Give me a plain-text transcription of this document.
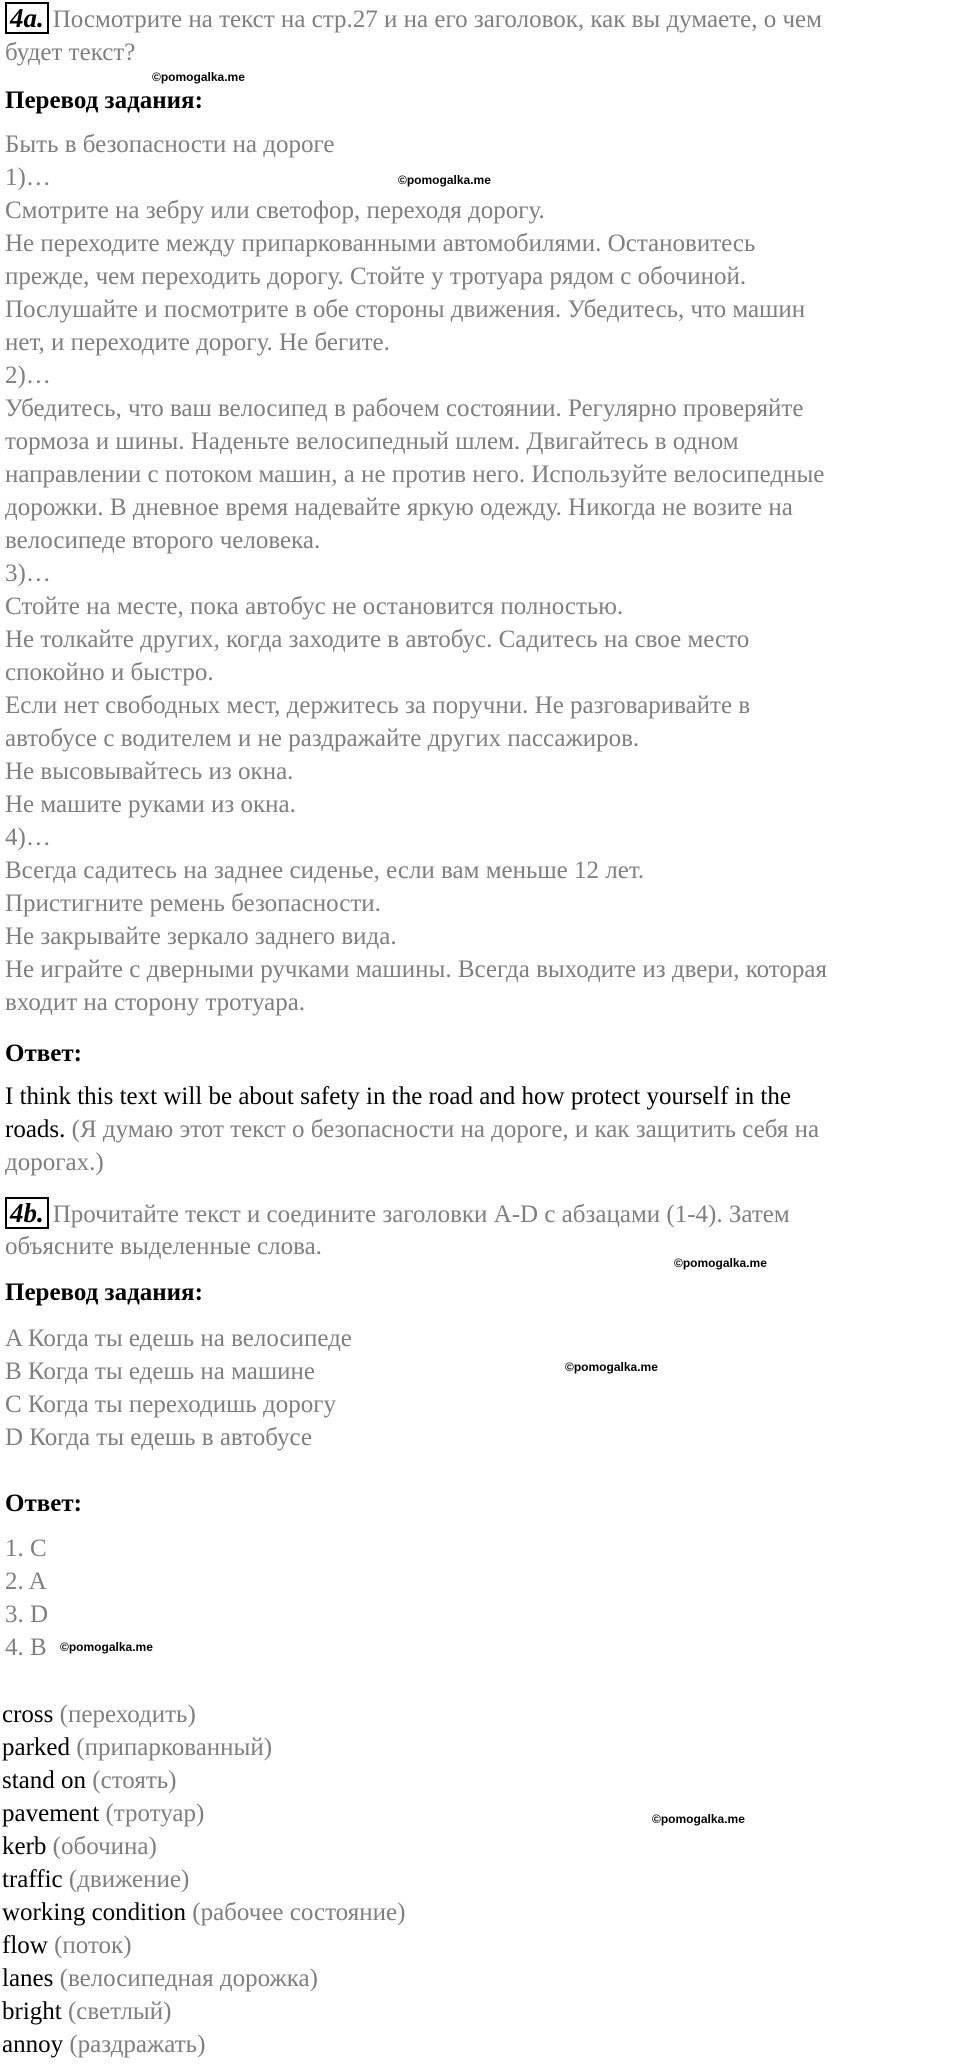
4a. Посмотрите на текст на стр.27 и на его заголовок, как вы думаете, о чем
будет текст?
©pomogalka.me
Перевод задания:
Быть в безопасности на дороге
1)…	©pomogalka.me
Смотрите на зебру или светофор, переходя дорогу.
Не переходите между припаркованными автомобилями. Остановитесь
прежде, чем переходить дорогу. Стойте у тротуара рядом с обочиной.
Послушайте и посмотрите в обе стороны движения. Убедитесь, что машин
нет, и переходите дорогу. Не бегите.
2)…
Убедитесь, что ваш велосипед в рабочем состоянии. Регулярно проверяйте
тормоза и шины. Наденьте велосипедный шлем. Двигайтесь в одном
направлении с потоком машин, а не против него. Используйте велосипедные
дорожки. В дневное время надевайте яркую одежду. Никогда не возите на
велосипеде второго человека.
3)…
Стойте на месте, пока автобус не остановится полностью.
Не толкайте других, когда заходите в автобус. Садитесь на свое место
спокойно и быстро.
Если нет свободных мест, держитесь за поручни. Не разговаривайте в
автобусе с водителем и не раздражайте других пассажиров.
Не высовывайтесь из окна.
Не машите руками из окна.
4)…
Всегда садитесь на заднее сиденье, если вам меньше 12 лет.
Пристигните ремень безопасности.
Не закрывайте зеркало заднего вида.
Не играйте с дверными ручками машины. Всегда выходите из двери, которая
входит на сторону тротуара.
Ответ:
I think this text will be about safety in the road and how protect yourself in the
roads. (Я думаю этот текст о безопасности на дороге, и как защитить себя на
дорогах.)
4b. Прочитайте текст и соедините заголовки A-D с абзацами (1-4). Затем
объясните выделенные слова.
©pomogalka.me
Перевод задания:
A Когда ты едешь на велосипеде
B Когда ты едешь на машине	©pomogalka.me
C Когда ты переходишь дорогу
D Когда ты едешь в автобусе
Ответ:
1. C
2. A
3. D
4. B ©pomogalka.me
cross (переходить)
parked (припаркованный)
stand on (стоять)
pavement (тротуар)	©pomogalka.me
kerb (обочина)
traffic (движение)
working condition (рабочее состояние)
flow (поток)
lanes (велосипедная дорожка)
bright (светлый)
annoy (раздражать)
